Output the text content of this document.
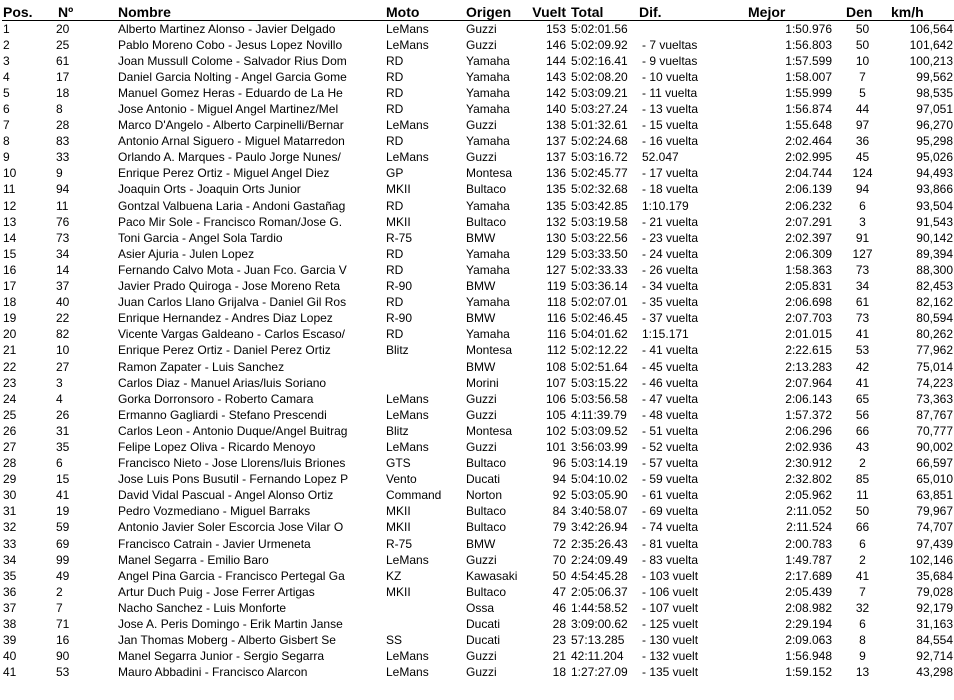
Pos.	Nº	Nombre	Moto	Origen	Vuelt	Total	Dif.	Mejor	Den	km/h
1	20	Alberto Martinez Alonso - Javier Delgado	LeMans	Guzzi	153	5:02:01.56		1:50.976	50	106,564
2	25	Pablo Moreno Cobo - Jesus Lopez Novillo	LeMans	Guzzi	146	5:02:09.92	- 7 vueltas	1:56.803	50	101,642
3	61	Joan Mussull Colome - Salvador Rius Dom	RD	Yamaha	144	5:02:16.41	- 9 vueltas	1:57.599	10	100,213
4	17	Daniel Garcia Nolting - Angel Garcia Gome	RD	Yamaha	143	5:02:08.20	- 10 vuelta	1:58.007	7	99,562
5	18	Manuel Gomez Heras - Eduardo de La He	RD	Yamaha	142	5:03:09.21	- 11 vuelta	1:55.999	5	98,535
6	8	Jose Antonio - Miguel Angel Martinez/Mel	RD	Yamaha	140	5:03:27.24	- 13 vuelta	1:56.874	44	97,051
7	28	Marco D'Angelo - Alberto Carpinelli/Bernar	LeMans	Guzzi	138	5:01:32.61	- 15 vuelta	1:55.648	97	96,270
8	83	Antonio Arnal Siguero - Miguel Matarredon	RD	Yamaha	137	5:02:24.68	- 16 vuelta	2:02.464	36	95,298
9	33	Orlando A. Marques - Paulo Jorge Nunes/	LeMans	Guzzi	137	5:03:16.72	52.047	2:02.995	45	95,026
10	9	Enrique Perez Ortiz - Miguel Angel Diez	GP	Montesa	136	5:02:45.77	- 17 vuelta	2:04.744	124	94,493
11	94	Joaquin Orts - Joaquin Orts Junior	MKII	Bultaco	135	5:02:32.68	- 18 vuelta	2:06.139	94	93,866
12	11	Gontzal Valbuena Laria - Andoni Gastañag	RD	Yamaha	135	5:03:42.85	1:10.179	2:06.232	6	93,504
13	76	Paco Mir Sole - Francisco Roman/Jose G.	MKII	Bultaco	132	5:03:19.58	- 21 vuelta	2:07.291	3	91,543
14	73	Toni Garcia - Angel Sola Tardio	R-75	BMW	130	5:03:22.56	- 23 vuelta	2:02.397	91	90,142
15	34	Asier Ajuria - Julen Lopez	RD	Yamaha	129	5:03:33.50	- 24 vuelta	2:06.309	127	89,394
16	14	Fernando Calvo Mota - Juan Fco. Garcia V	RD	Yamaha	127	5:02:33.33	- 26 vuelta	1:58.363	73	88,300
17	37	Javier Prado Quiroga - Jose Moreno Reta	R-90	BMW	119	5:03:36.14	- 34 vuelta	2:05.831	34	82,453
18	40	Juan Carlos Llano Grijalva - Daniel Gil Ros	RD	Yamaha	118	5:02:07.01	- 35 vuelta	2:06.698	61	82,162
19	22	Enrique Hernandez - Andres Diaz Lopez	R-90	BMW	116	5:02:46.45	- 37 vuelta	2:07.703	73	80,594
20	82	Vicente Vargas Galdeano - Carlos Escaso/	RD	Yamaha	116	5:04:01.62	1:15.171	2:01.015	41	80,262
21	10	Enrique Perez Ortiz - Daniel Perez Ortiz	Blitz	Montesa	112	5:02:12.22	- 41 vuelta	2:22.615	53	77,962
22	27	Ramon Zapater - Luis Sanchez		BMW	108	5:02:51.64	- 45 vuelta	2:13.283	42	75,014
23	3	Carlos Diaz - Manuel Arias/luis Soriano		Morini	107	5:03:15.22	- 46 vuelta	2:07.964	41	74,223
24	4	Gorka Dorronsoro - Roberto Camara	LeMans	Guzzi	106	5:03:56.58	- 47 vuelta	2:06.143	65	73,363
25	26	Ermanno Gagliardi - Stefano Prescendi	LeMans	Guzzi	105	4:11:39.79	- 48 vuelta	1:57.372	56	87,767
26	31	Carlos Leon - Antonio Duque/Angel Buitrag	Blitz	Montesa	102	5:03:09.52	- 51 vuelta	2:06.296	66	70,777
27	35	Felipe Lopez Oliva - Ricardo Menoyo	LeMans	Guzzi	101	3:56:03.99	- 52 vuelta	2:02.936	43	90,002
28	6	Francisco Nieto - Jose Llorens/luis Briones	GTS	Bultaco	96	5:03:14.19	- 57 vuelta	2:30.912	2	66,597
29	15	Jose Luis Pons Busutil - Fernando Lopez P	Vento	Ducati	94	5:04:10.02	- 59 vuelta	2:32.802	85	65,010
30	41	David Vidal Pascual - Angel Alonso Ortiz	Command	Norton	92	5:03:05.90	- 61 vuelta	2:05.962	11	63,851
31	19	Pedro Vozmediano - Miguel Barraks	MKII	Bultaco	84	3:40:58.07	- 69 vuelta	2:11.052	50	79,967
32	59	Antonio Javier Soler Escorcia Jose Vilar O	MKII	Bultaco	79	3:42:26.94	- 74 vuelta	2:11.524	66	74,707
33	69	Francisco Catrain - Javier Urmeneta	R-75	BMW	72	2:35:26.43	- 81 vuelta	2:00.783	6	97,439
34	99	Manel Segarra - Emilio Baro	LeMans	Guzzi	70	2:24:09.49	- 83 vuelta	1:49.787	2	102,146
35	49	Angel Pina Garcia - Francisco Pertegal Ga	KZ	Kawasaki	50	4:54:45.28	- 103 vuelt	2:17.689	41	35,684
36	2	Artur Duch Puig - Jose Ferrer Artigas	MKII	Bultaco	47	2:05:06.37	- 106 vuelt	2:05.439	7	79,028
37	7	Nacho Sanchez - Luis Monforte		Ossa	46	1:44:58.52	- 107 vuelt	2:08.982	32	92,179
38	71	Jose A. Peris Domingo - Erik Martin Janse		Ducati	28	3:09:00.62	- 125 vuelt	2:29.194	6	31,163
39	16	Jan Thomas Moberg - Alberto Gisbert Se	SS	Ducati	23	57:13.285	- 130 vuelt	2:09.063	8	84,554
40	90	Manel Segarra Junior - Sergio Segarra	LeMans	Guzzi	21	42:11.204	- 132 vuelt	1:56.948	9	92,714
41	53	Mauro Abbadini - Francisco Alarcon	LeMans	Guzzi	18	1:27:27.09	- 135 vuelt	1:59.152	13	43,298
